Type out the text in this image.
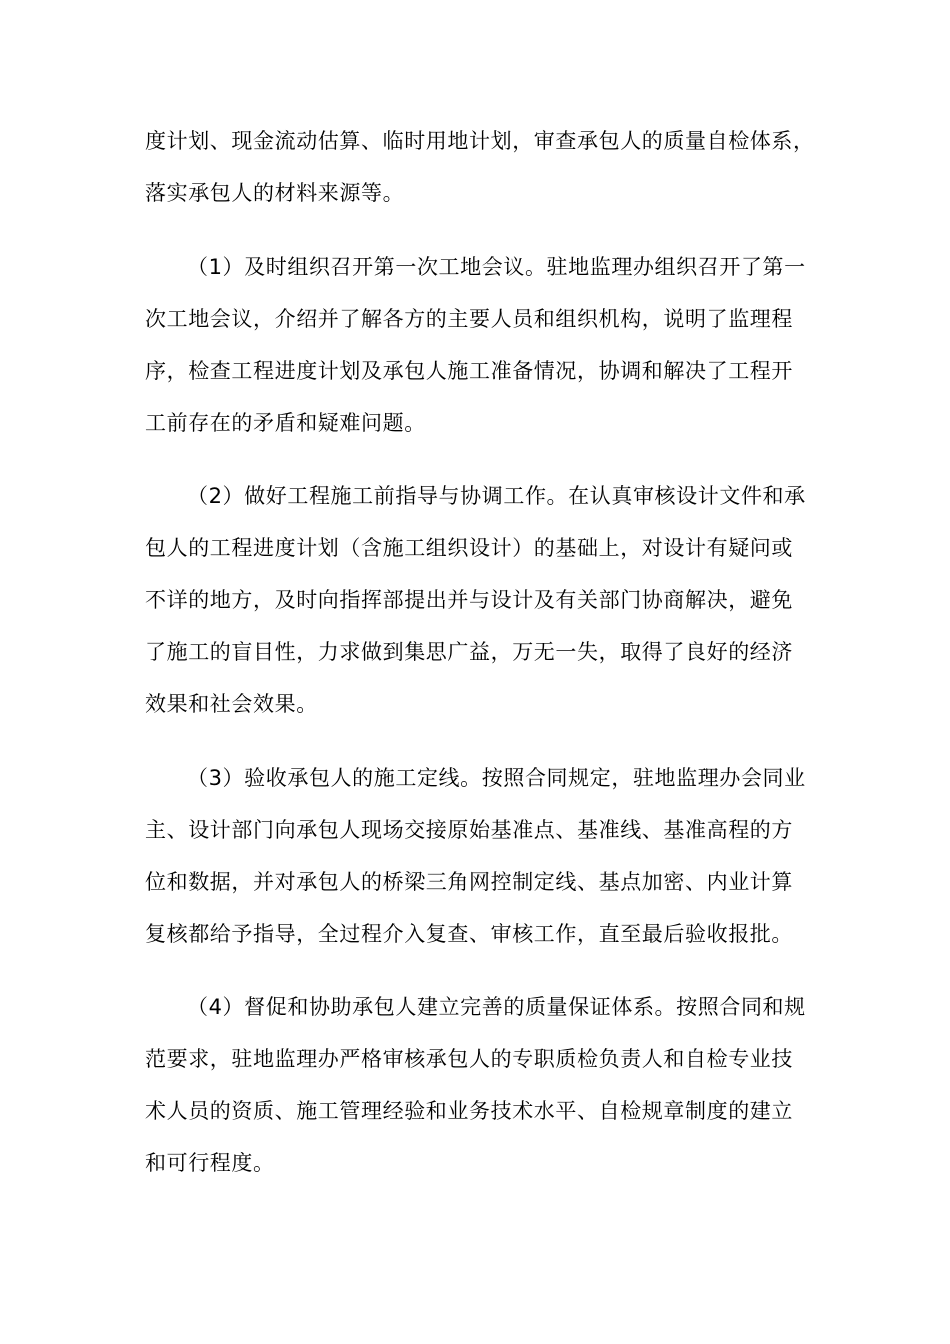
度计划、现金流动估算、临时用地计划，审查承包人的质量自检体系，
落实承包人的材料来源等。
（1）及时组织召开第一次工地会议。驻地监理办组织召开了第一
次工地会议，介绍并了解各方的主要人员和组织机构，说明了监理程
序，检查工程进度计划及承包人施工准备情况，协调和解决了工程开
工前存在的矛盾和疑难问题。
（2）做好工程施工前指导与协调工作。在认真审核设计文件和承
包人的工程进度计划（含施工组织设计）的基础上，对设计有疑问或
不详的地方，及时向指挥部提出并与设计及有关部门协商解决，避免
了施工的盲目性，力求做到集思广益，万无一失，取得了良好的经济
效果和社会效果。
（3）验收承包人的施工定线。按照合同规定，驻地监理办会同业
主、设计部门向承包人现场交接原始基准点、基准线、基准高程的方
位和数据，并对承包人的桥梁三角网控制定线、基点加密、内业计算
复核都给予指导，全过程介入复查、审核工作，直至最后验收报批。
（4）督促和协助承包人建立完善的质量保证体系。按照合同和规
范要求，驻地监理办严格审核承包人的专职质检负责人和自检专业技
术人员的资质、施工管理经验和业务技术水平、自检规章制度的建立
和可行程度。
